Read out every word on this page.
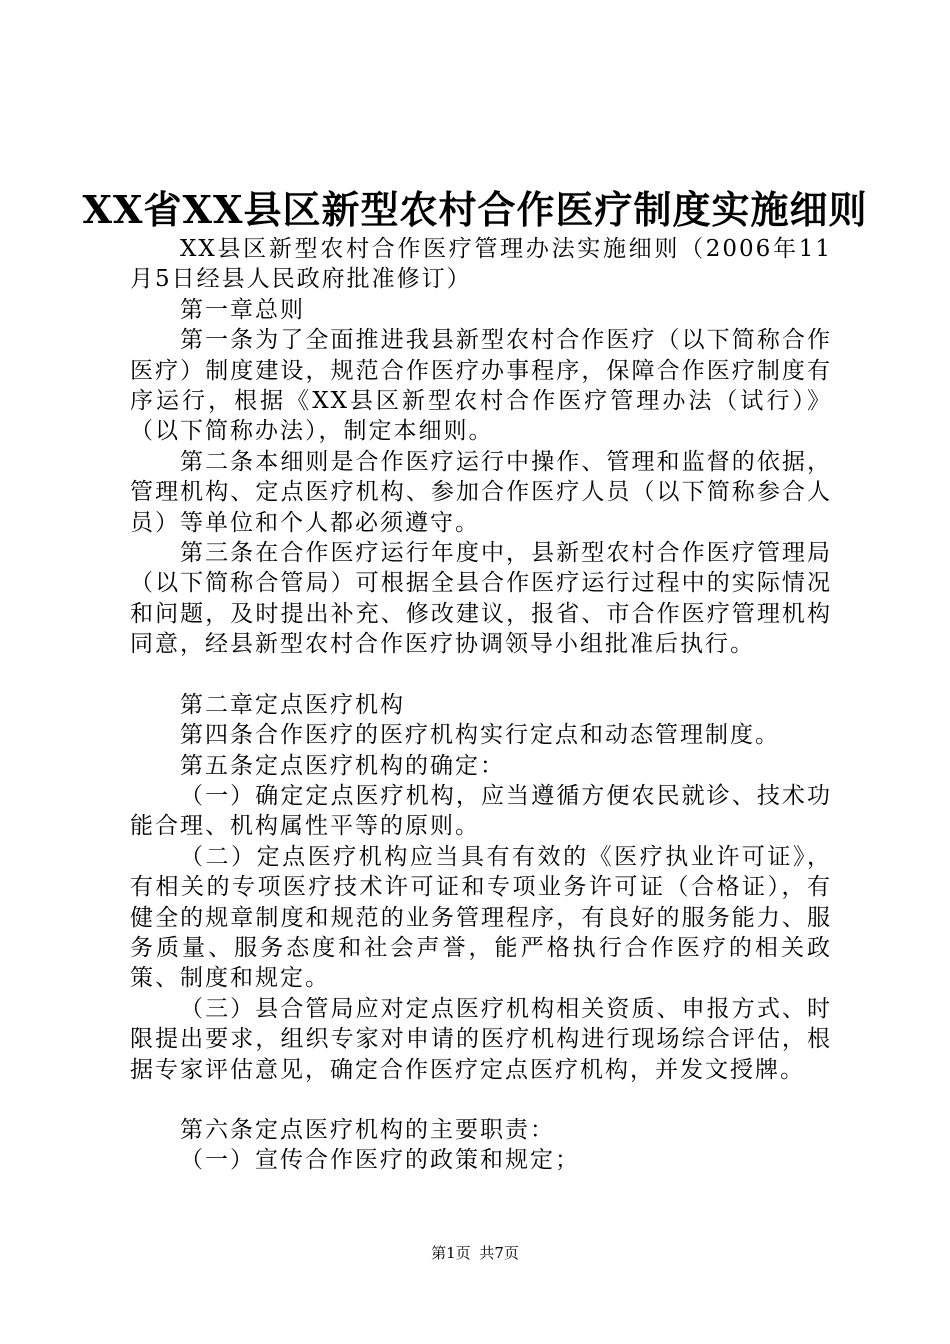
XX省XX县区新型农村合作医疗制度实施细则

XX县区新型农村合作医疗管理办法实施细则（2006年11月5日经县人民政府批准修订）

第一章总则

第一条为了全面推进我县新型农村合作医疗（以下简称合作医疗）制度建设，规范合作医疗办事程序，保障合作医疗制度有序运行，根据《XX县区新型农村合作医疗管理办法（试行）》（以下简称办法），制定本细则。

第二条本细则是合作医疗运行中操作、管理和监督的依据，管理机构、定点医疗机构、参加合作医疗人员（以下简称参合人员）等单位和个人都必须遵守。

第三条在合作医疗运行年度中，县新型农村合作医疗管理局（以下简称合管局）可根据全县合作医疗运行过程中的实际情况和问题，及时提出补充、修改建议，报省、市合作医疗管理机构同意，经县新型农村合作医疗协调领导小组批准后执行。

第二章定点医疗机构

第四条合作医疗的医疗机构实行定点和动态管理制度。

第五条定点医疗机构的确定：

（一）确定定点医疗机构，应当遵循方便农民就诊、技术功能合理、机构属性平等的原则。

（二）定点医疗机构应当具有有效的《医疗执业许可证》，有相关的专项医疗技术许可证和专项业务许可证（合格证），有健全的规章制度和规范的业务管理程序，有良好的服务能力、服务质量、服务态度和社会声誉，能严格执行合作医疗的相关政策、制度和规定。

（三）县合管局应对定点医疗机构相关资质、申报方式、时限提出要求，组织专家对申请的医疗机构进行现场综合评估，根据专家评估意见，确定合作医疗定点医疗机构，并发文授牌。

第六条定点医疗机构的主要职责：

（一）宣传合作医疗的政策和规定；

第1页 共7页
